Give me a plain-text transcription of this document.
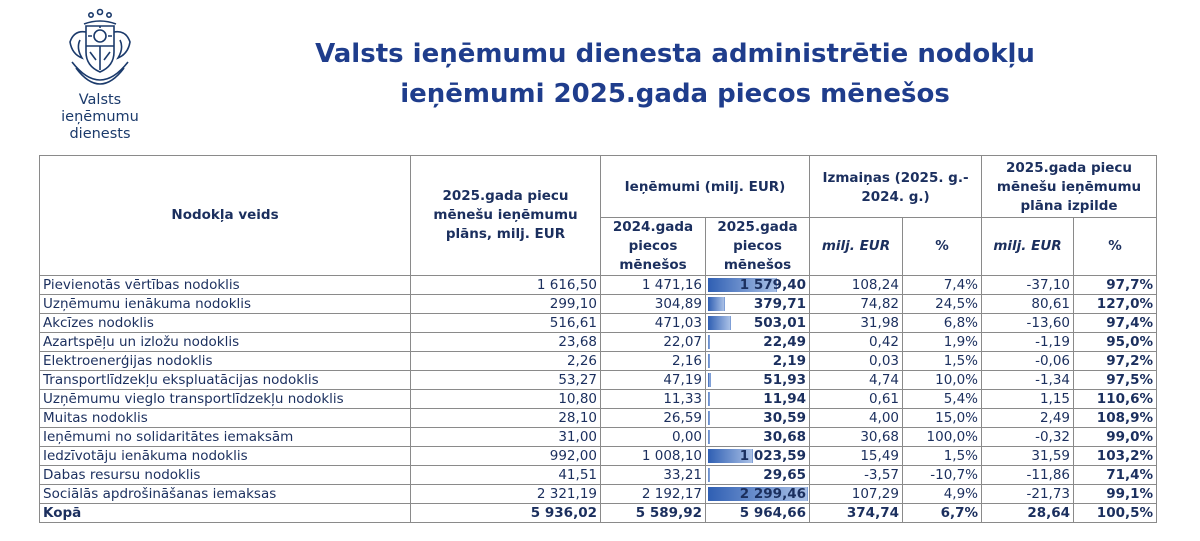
Valsts ieņēmumu
dienests
Valsts ieņēmumu dienesta administrētie nodokļu
ieņēmumi 2025.gada piecos mēnešos
Nodokļa veids	2025.gada piecu mēnešu ieņēmumu plāns, milj. EUR	Ieņēmumi (milj. EUR)		Izmaiņas (2025. g.- 2024. g.)		2025.gada piecu mēnešu ieņēmumu plāna izpilde	
		2024.gada piecos mēnešos	2025.gada piecos mēnešos	milj. EUR	%	milj. EUR	%
Pievienotās vērtības nodoklis	1 616,50	1 471,16	1 579,40	108,24	7,4%	-37,10	97,7%
Uzņēmumu ienākuma nodoklis	299,10	304,89	379,71	74,82	24,5%	80,61	127,0%
Akcīzes nodoklis	516,61	471,03	503,01	31,98	6,8%	-13,60	97,4%
Azartspēļu un izložu nodoklis	23,68	22,07	22,49	0,42	1,9%	-1,19	95,0%
Elektroenerģijas nodoklis	2,26	2,16	2,19	0,03	1,5%	-0,06	97,2%
Transportlīdzekļu ekspluatācijas nodoklis	53,27	47,19	51,93	4,74	10,0%	-1,34	97,5%
Uzņēmumu vieglo transportlīdzekļu nodoklis	10,80	11,33	11,94	0,61	5,4%	1,15	110,6%
Muitas nodoklis	28,10	26,59	30,59	4,00	15,0%	2,49	108,9%
Ieņēmumi no solidaritātes iemaksām	31,00	0,00	30,68	30,68	100,0%	-0,32	99,0%
Iedzīvotāju ienākuma nodoklis	992,00	1 008,10	1 023,59	15,49	1,5%	31,59	103,2%
Dabas resursu nodoklis	41,51	33,21	29,65	-3,57	-10,7%	-11,86	71,4%
Sociālās apdrošināšanas iemaksas	2 321,19	2 192,17	2 299,46	107,29	4,9%	-21,73	99,1%
Kopā	5 936,02	5 589,92	5 964,66	374,74	6,7%	28,64	100,5%
